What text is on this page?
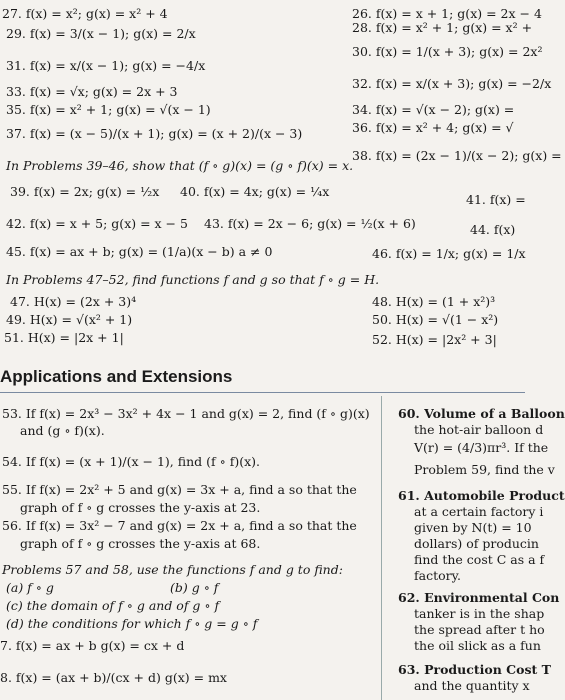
27. f(x) = x²; g(x) = x² + 4
29. f(x) = 3/(x − 1); g(x) = 2/x
31. f(x) = x/(x − 1); g(x) = −4/x
33. f(x) = √x; g(x) = 2x + 3
35. f(x) = x² + 1; g(x) = √(x − 1)
37. f(x) = (x − 5)/(x + 1); g(x) = (x + 2)/(x − 3)
39. f(x) = 2x; g(x) = ½x 40. f(x) = 4x; g(x) = ¼x
41. f(x) =
42. f(x) = x + 5; g(x) = x − 5 43. f(x) = 2x − 6; g(x) = ½(x + 6)	44. f(x)
45. f(x) = ax + b; g(x) = (1/a)(x − b) a ≠ 0	46. f(x) = 1/x; g(x) = 1/x
47. H(x) = (2x + 3)⁴
49. H(x) = √(x² + 1)
51. H(x) = |2x + 1|
48. H(x) = (1 + x²)³
50. H(x) = √(1 − x²)
52. H(x) = |2x² + 3|
26. f(x) = x + 1; g(x) = 2x − 4
28. f(x) = x² + 1; g(x) = x² +
30. f(x) = 1/(x + 3); g(x) = 2x²
32. f(x) = x/(x + 3); g(x) = −2/x
34. f(x) = √(x − 2); g(x) =
36. f(x) = x² + 4; g(x) = √
38. f(x) = (2x − 1)/(x − 2); g(x) =
In Problems 39–46, show that (f ∘ g)(x) = (g ∘ f)(x) = x.
In Problems 47–52, find functions f and g so that f ∘ g = H.
Applications and Extensions
53. If f(x) = 2x³ − 3x² + 4x − 1 and g(x) = 2, find (f ∘ g)(x)
and (g ∘ f)(x).
54. If f(x) = (x + 1)/(x − 1), find (f ∘ f)(x).
55. If f(x) = 2x² + 5 and g(x) = 3x + a, find a so that the
graph of f ∘ g crosses the y-axis at 23.
56. If f(x) = 3x² − 7 and g(x) = 2x + a, find a so that the
graph of f ∘ g crosses the y-axis at 68.
Problems 57 and 58, use the functions f and g to find:
(a) f ∘ g	(b) g ∘ f
(c) the domain of f ∘ g and of g ∘ f
(d) the conditions for which f ∘ g = g ∘ f
7. f(x) = ax + b g(x) = cx + d
8. f(x) = (ax + b)/(cx + d) g(x) = mx
60. Volume of a Balloon
the hot-air balloon d
V(r) = (4/3)πr³. If the
Problem 59, find the v
61. Automobile Product
at a certain factory i
given by N(t) = 10
dollars) of producin
find the cost C as a f
factory.
62. Environmental Con
tanker is in the shap
the spread after t ho
the oil slick as a fun
63. Production Cost T
and the quantity x
